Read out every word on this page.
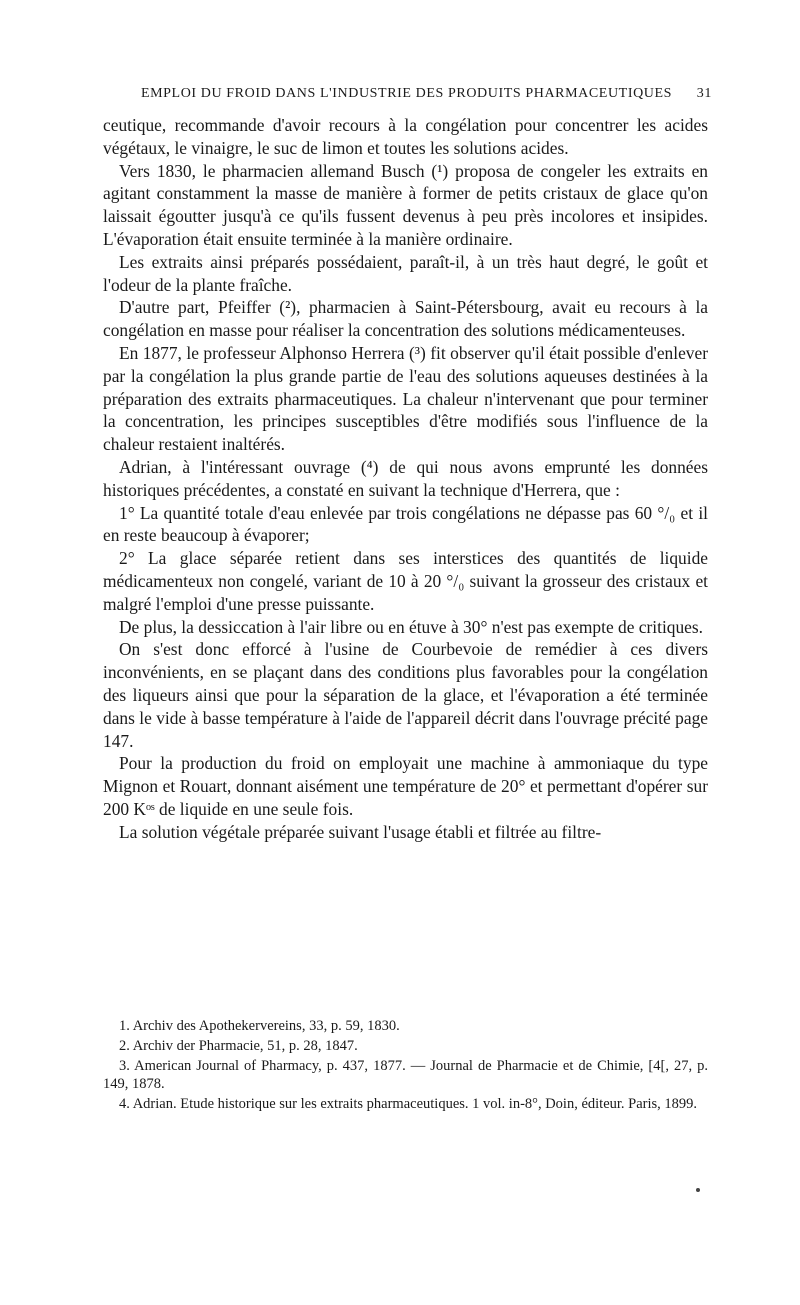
EMPLOI DU FROID DANS L'INDUSTRIE DES PRODUITS PHARMACEUTIQUES 31

ceutique, recommande d'avoir recours à la congélation pour concentrer les acides végétaux, le vinaigre, le suc de limon et toutes les solutions acides.

Vers 1830, le pharmacien allemand Busch (¹) proposa de congeler les extraits en agitant constamment la masse de manière à former de petits cristaux de glace qu'on laissait égoutter jusqu'à ce qu'ils fussent devenus à peu près incolores et insipides. L'évaporation était ensuite terminée à la manière ordinaire.

Les extraits ainsi préparés possédaient, paraît-il, à un très haut degré, le goût et l'odeur de la plante fraîche.

D'autre part, Pfeiffer (²), pharmacien à Saint-Pétersbourg, avait eu recours à la congélation en masse pour réaliser la concentration des solutions médicamenteuses.

En 1877, le professeur Alphonso Herrera (³) fit observer qu'il était possible d'enlever par la congélation la plus grande partie de l'eau des solutions aqueuses destinées à la préparation des extraits pharmaceutiques. La chaleur n'intervenant que pour terminer la concentration, les principes susceptibles d'être modifiés sous l'influence de la chaleur restaient inaltérés.

Adrian, à l'intéressant ouvrage (⁴) de qui nous avons emprunté les données historiques précédentes, a constaté en suivant la technique d'Herrera, que :

1° La quantité totale d'eau enlevée par trois congélations ne dépasse pas 60 °/₀ et il en reste beaucoup à évaporer;

2° La glace séparée retient dans ses interstices des quantités de liquide médicamenteux non congelé, variant de 10 à 20 °/₀ suivant la grosseur des cristaux et malgré l'emploi d'une presse puissante.

De plus, la dessiccation à l'air libre ou en étuve à 30° n'est pas exempte de critiques.

On s'est donc efforcé à l'usine de Courbevoie de remédier à ces divers inconvénients, en se plaçant dans des conditions plus favorables pour la congélation des liqueurs ainsi que pour la séparation de la glace, et l'évaporation a été terminée dans le vide à basse température à l'aide de l'appareil décrit dans l'ouvrage précité page 147.

Pour la production du froid on employait une machine à ammoniaque du type Mignon et Rouart, donnant aisément une température de 20° et permettant d'opérer sur 200 Kᵒˢ de liquide en une seule fois.

La solution végétale préparée suivant l'usage établi et filtrée au filtre-

1. Archiv des Apothekervereins, 33, p. 59, 1830.

2. Archiv der Pharmacie, 51, p. 28, 1847.

3. American Journal of Pharmacy, p. 437, 1877. — Journal de Pharmacie et de Chimie, [4[, 27, p. 149, 1878.

4. Adrian. Etude historique sur les extraits pharmaceutiques. 1 vol. in-8°, Doin, éditeur. Paris, 1899.
